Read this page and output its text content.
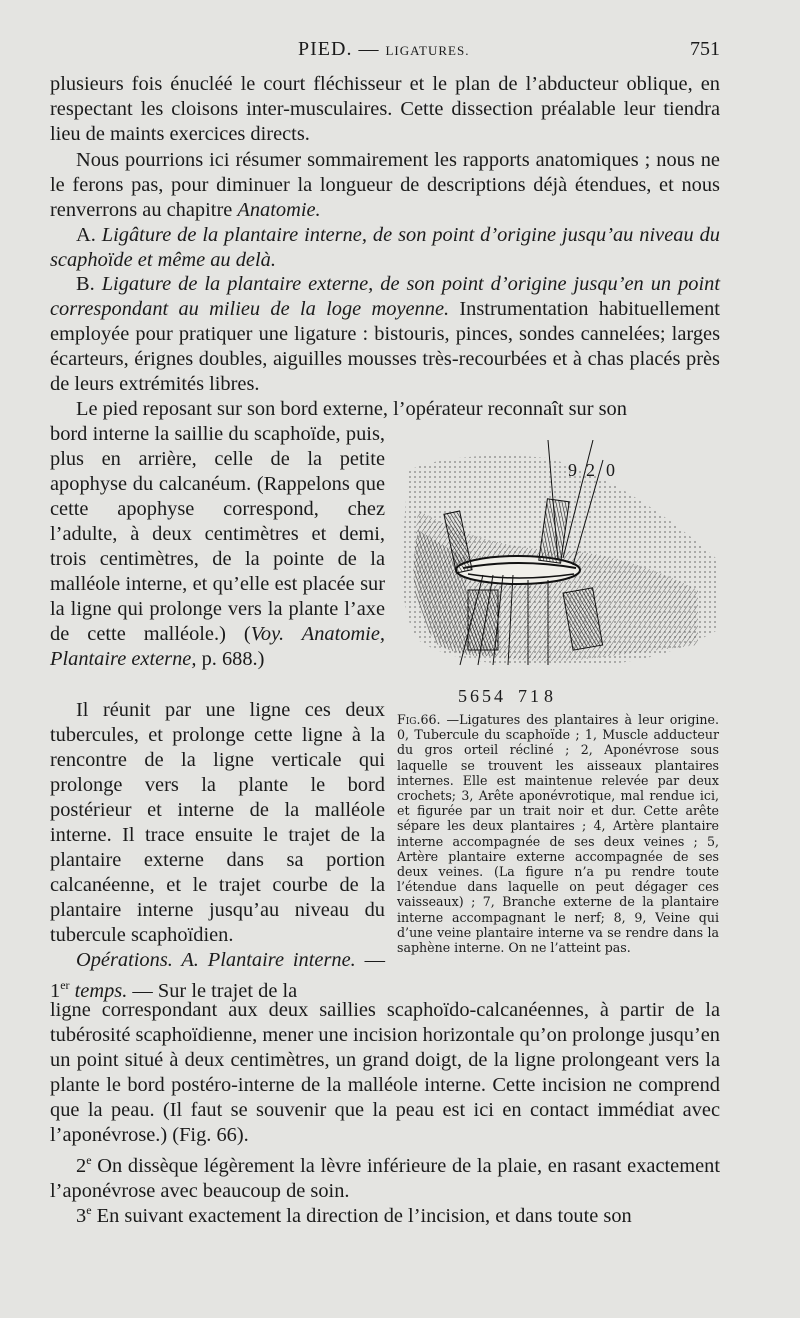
PIED. — LIGATURES.	751

plusieurs fois énucléé le court fléchisseur et le plan de l’abducteur oblique, en respectant les cloisons inter-musculaires. Cette dissection préalable leur tiendra lieu de maints exercices directs.

Nous pourrions ici résumer sommairement les rapports anatomiques ; nous ne le ferons pas, pour diminuer la longueur de descriptions déjà étendues, et nous renverrons au chapitre Anatomie.

A. Ligâture de la plantaire interne, de son point d’origine jusqu’au niveau du scaphoïde et même au delà.

B. Ligature de la plantaire externe, de son point d’origine jusqu’en un point correspondant au milieu de la loge moyenne. Instrumentation habituellement employée pour pratiquer une ligature : bistouris, pinces, sondes cannelées; larges écarteurs, érignes doubles, aiguilles mousses très-recourbées et à chas placés près de leurs extrémités libres.

Le pied reposant sur son bord externe, l’opérateur reconnaît sur son

bord interne la saillie du scaphoïde, puis, plus en arrière, celle de la petite apophyse du calcanéum. (Rappelons que cette apophyse correspond, chez l’adulte, à deux centimètres et demi, trois centimètres, de la pointe de la malléole interne, et qu’elle est placée sur la ligne qui prolonge vers la plante l’axe de cette malléole.) (Voy. Anatomie, Plantaire externe, p. 688.)

Il réunit par une ligne ces deux tubercules, et prolonge cette ligne à la rencontre de la ligne verticale qui prolonge vers la plante le bord postérieur et interne de la malléole interne. Il trace ensuite le trajet de la plantaire externe dans sa portion calcanéenne, et le trajet courbe de la plantaire interne jusqu’au niveau du tubercule scaphoïdien.

Opérations. A. Plantaire interne. — 1er temps. — Sur le trajet de la

ligne correspondant aux deux saillies scaphoïdo-calcanéennes, à partir de la tubérosité scaphoïdienne, mener une incision horizontale qu’on prolonge jusqu’en un point situé à deux centimètres, un grand doigt, de la ligne prolongeant vers la plante le bord postéro-interne de la malléole interne. Cette incision ne comprend que la peau. (Il faut se souvenir que la peau est ici en contact immédiat avec l’aponévrose.) (Fig. 66).

2e On dissèque légèrement la lèvre inférieure de la plaie, en rasant exactement l’aponévrose avec beaucoup de soin.

3e En suivant exactement la direction de l’incision, et dans toute son

9 2 0
5 6 5 4 7 1 8
Fig.66. —Ligatures des plantaires à leur origine. 0, Tubercule du scaphoïde ; 1, Muscle adducteur du gros orteil récliné ; 2, Aponévrose sous laquelle se trouvent les aisseaux plantaires internes. Elle est maintenue relevée par deux crochets; 3, Arête aponévrotique, mal rendue ici, et figurée par un trait noir et dur. Cette arête sépare les deux plantaires ; 4, Artère plantaire interne accompagnée de ses deux veines ; 5, Artère plantaire externe accompagnée de ses deux veines. (La figure n’a pu rendre toute l’étendue dans laquelle on peut dégager ces vaisseaux) ; 7, Branche externe de la plantaire interne accompagnant le nerf; 8, 9, Veine qui d’une veine plantaire interne va se rendre dans la saphène interne. On ne l’atteint pas.
